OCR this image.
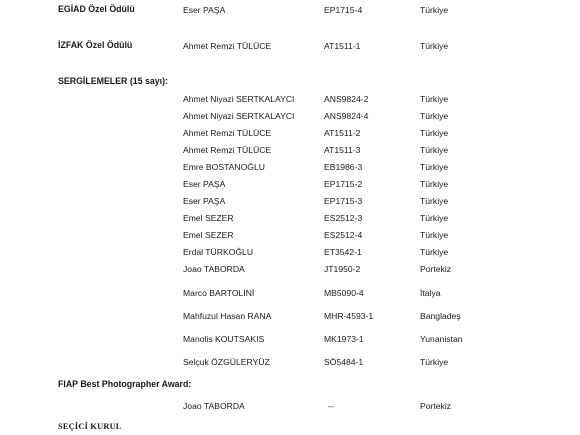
EGİAD Özel Ödülü	Eser PAŞA	EP1715-4	Türkiye
İZFAK Özel Ödülü	Ahmet Remzi TÜLÜCE	AT1511-1	Türkiye
SERGİLEMELER (15 sayı):
Ahmet Niyazi SERTKALAYCI	ANS9824-2	Türkiye
Ahmet Niyazi SERTKALAYCI	ANS9824-4	Türkiye
Ahmet Remzi TÜLÜCE	AT1511-2	Türkiye
Ahmet Remzi TÜLÜCE	AT1511-3	Türkiye
Emre BOSTANOĞLU	EB1986-3	Türkiye
Eser PAŞA	EP1715-2	Türkiye
Eser PAŞA	EP1715-3	Türkiye
Emel SEZER	ES2512-3	Türkiye
Emel SEZER	ES2512-4	Türkiye
Erdal TÜRKOĞLU	ET3542-1	Türkiye
Joao TABORDA	JT1950-2	Portekiz
Marco BARTOLİNİ	MB5090-4	İtalya
Mahfuzul Hasan RANA	MHR-4593-1	Bangladeş
Manolis KOUTSAKIS	MK1973-1	Yunanistan
Selçuk ÖZGÜLERYÜZ	SÖ5484-1	Türkiye
FIAP Best Photographer Award:
Joao TABORDA	--	Portekiz
SEÇİCİ KURUL
